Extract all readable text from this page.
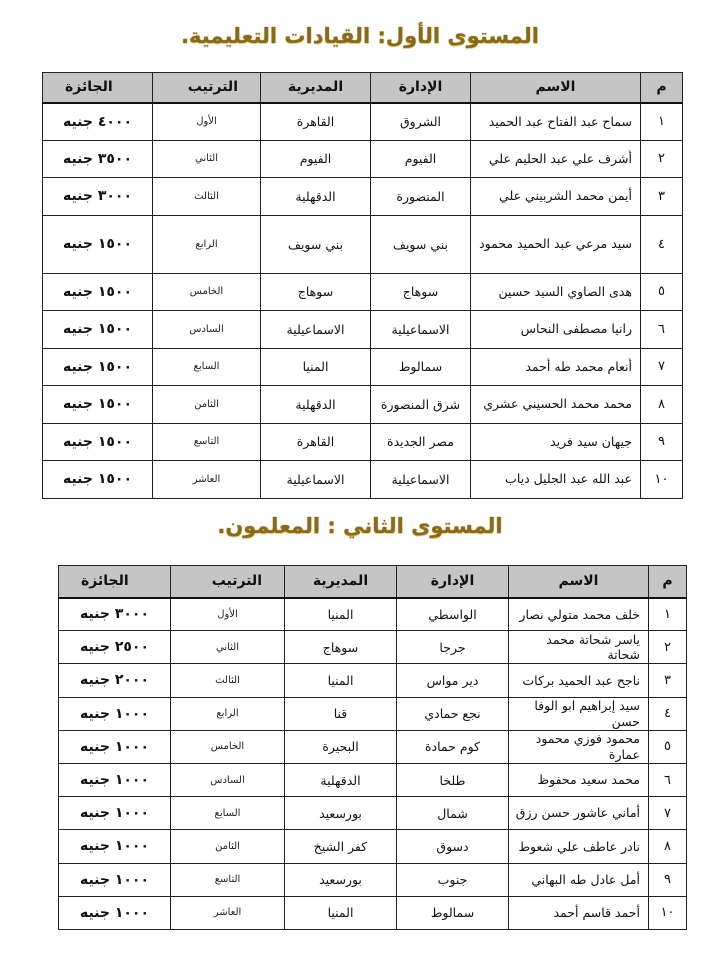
المستوى الأول: القيادات التعليمية.
م	الاسم	الإدارة	المديرية	الترتيب	الجائزة
١	سماح عبد الفتاح عبد الحميد	الشروق	القاهرة	الأول	٤٠٠٠ جنيه
٢	أشرف علي عبد الحليم علي	الفيوم	الفيوم	الثاني	٣٥٠٠ جنيه
٣	أيمن محمد الشربيني علي	المنصورة	الدقهلية	الثالث	٣٠٠٠ جنيه
٤	سيد مرعي عبد الحميد محمود	بني سويف	بني سويف	الرابع	١٥٠٠ جنيه
٥	هدى الصاوي السيد حسين	سوهاج	سوهاج	الخامس	١٥٠٠ جنيه
٦	رانيا مصطفى النحاس	الاسماعيلية	الاسماعيلية	السادس	١٥٠٠ جنيه
٧	أنعام محمد طه أحمد	سمالوط	المنيا	السابع	١٥٠٠ جنيه
٨	محمد محمد الحسيني عشري	شرق المنصورة	الدقهلية	الثامن	١٥٠٠ جنيه
٩	جيهان سيد فريد	مصر الجديدة	القاهرة	التاسع	١٥٠٠ جنيه
١٠	عبد الله عبد الجليل دياب	الاسماعيلية	الاسماعيلية	العاشر	١٥٠٠ جنيه
المستوى الثاني : المعلمون.
م	الاسم	الإدارة	المديرية	الترتيب	الجائزة
١	خلف محمد متولي نصار	الواسطي	المنيا	الأول	٣٠٠٠ جنيه
٢	ياسر شحاتة محمد شحاتة	جرجا	سوهاج	الثاني	٢٥٠٠ جنيه
٣	ناجح عبد الحميد بركات	دير مواس	المنيا	الثالث	٢٠٠٠ جنيه
٤	سيد إبراهيم ابو الوفا حسن	نجع حمادي	قنا	الرابع	١٠٠٠ جنيه
٥	محمود فوزي محمود عمارة	كوم حمادة	البحيرة	الخامس	١٠٠٠ جنيه
٦	محمد سعيد محفوظ	طلخا	الدقهلية	السادس	١٠٠٠ جنيه
٧	أماني عاشور حسن رزق	شمال	بورسعيد	السابع	١٠٠٠ جنيه
٨	نادر عاطف علي شعوط	دسوق	كفر الشيخ	الثامن	١٠٠٠ جنيه
٩	أمل عادل طه البهاني	جنوب	بورسعيد	التاسع	١٠٠٠ جنيه
١٠	أحمد قاسم أحمد	سمالوط	المنيا	العاشر	١٠٠٠ جنيه
